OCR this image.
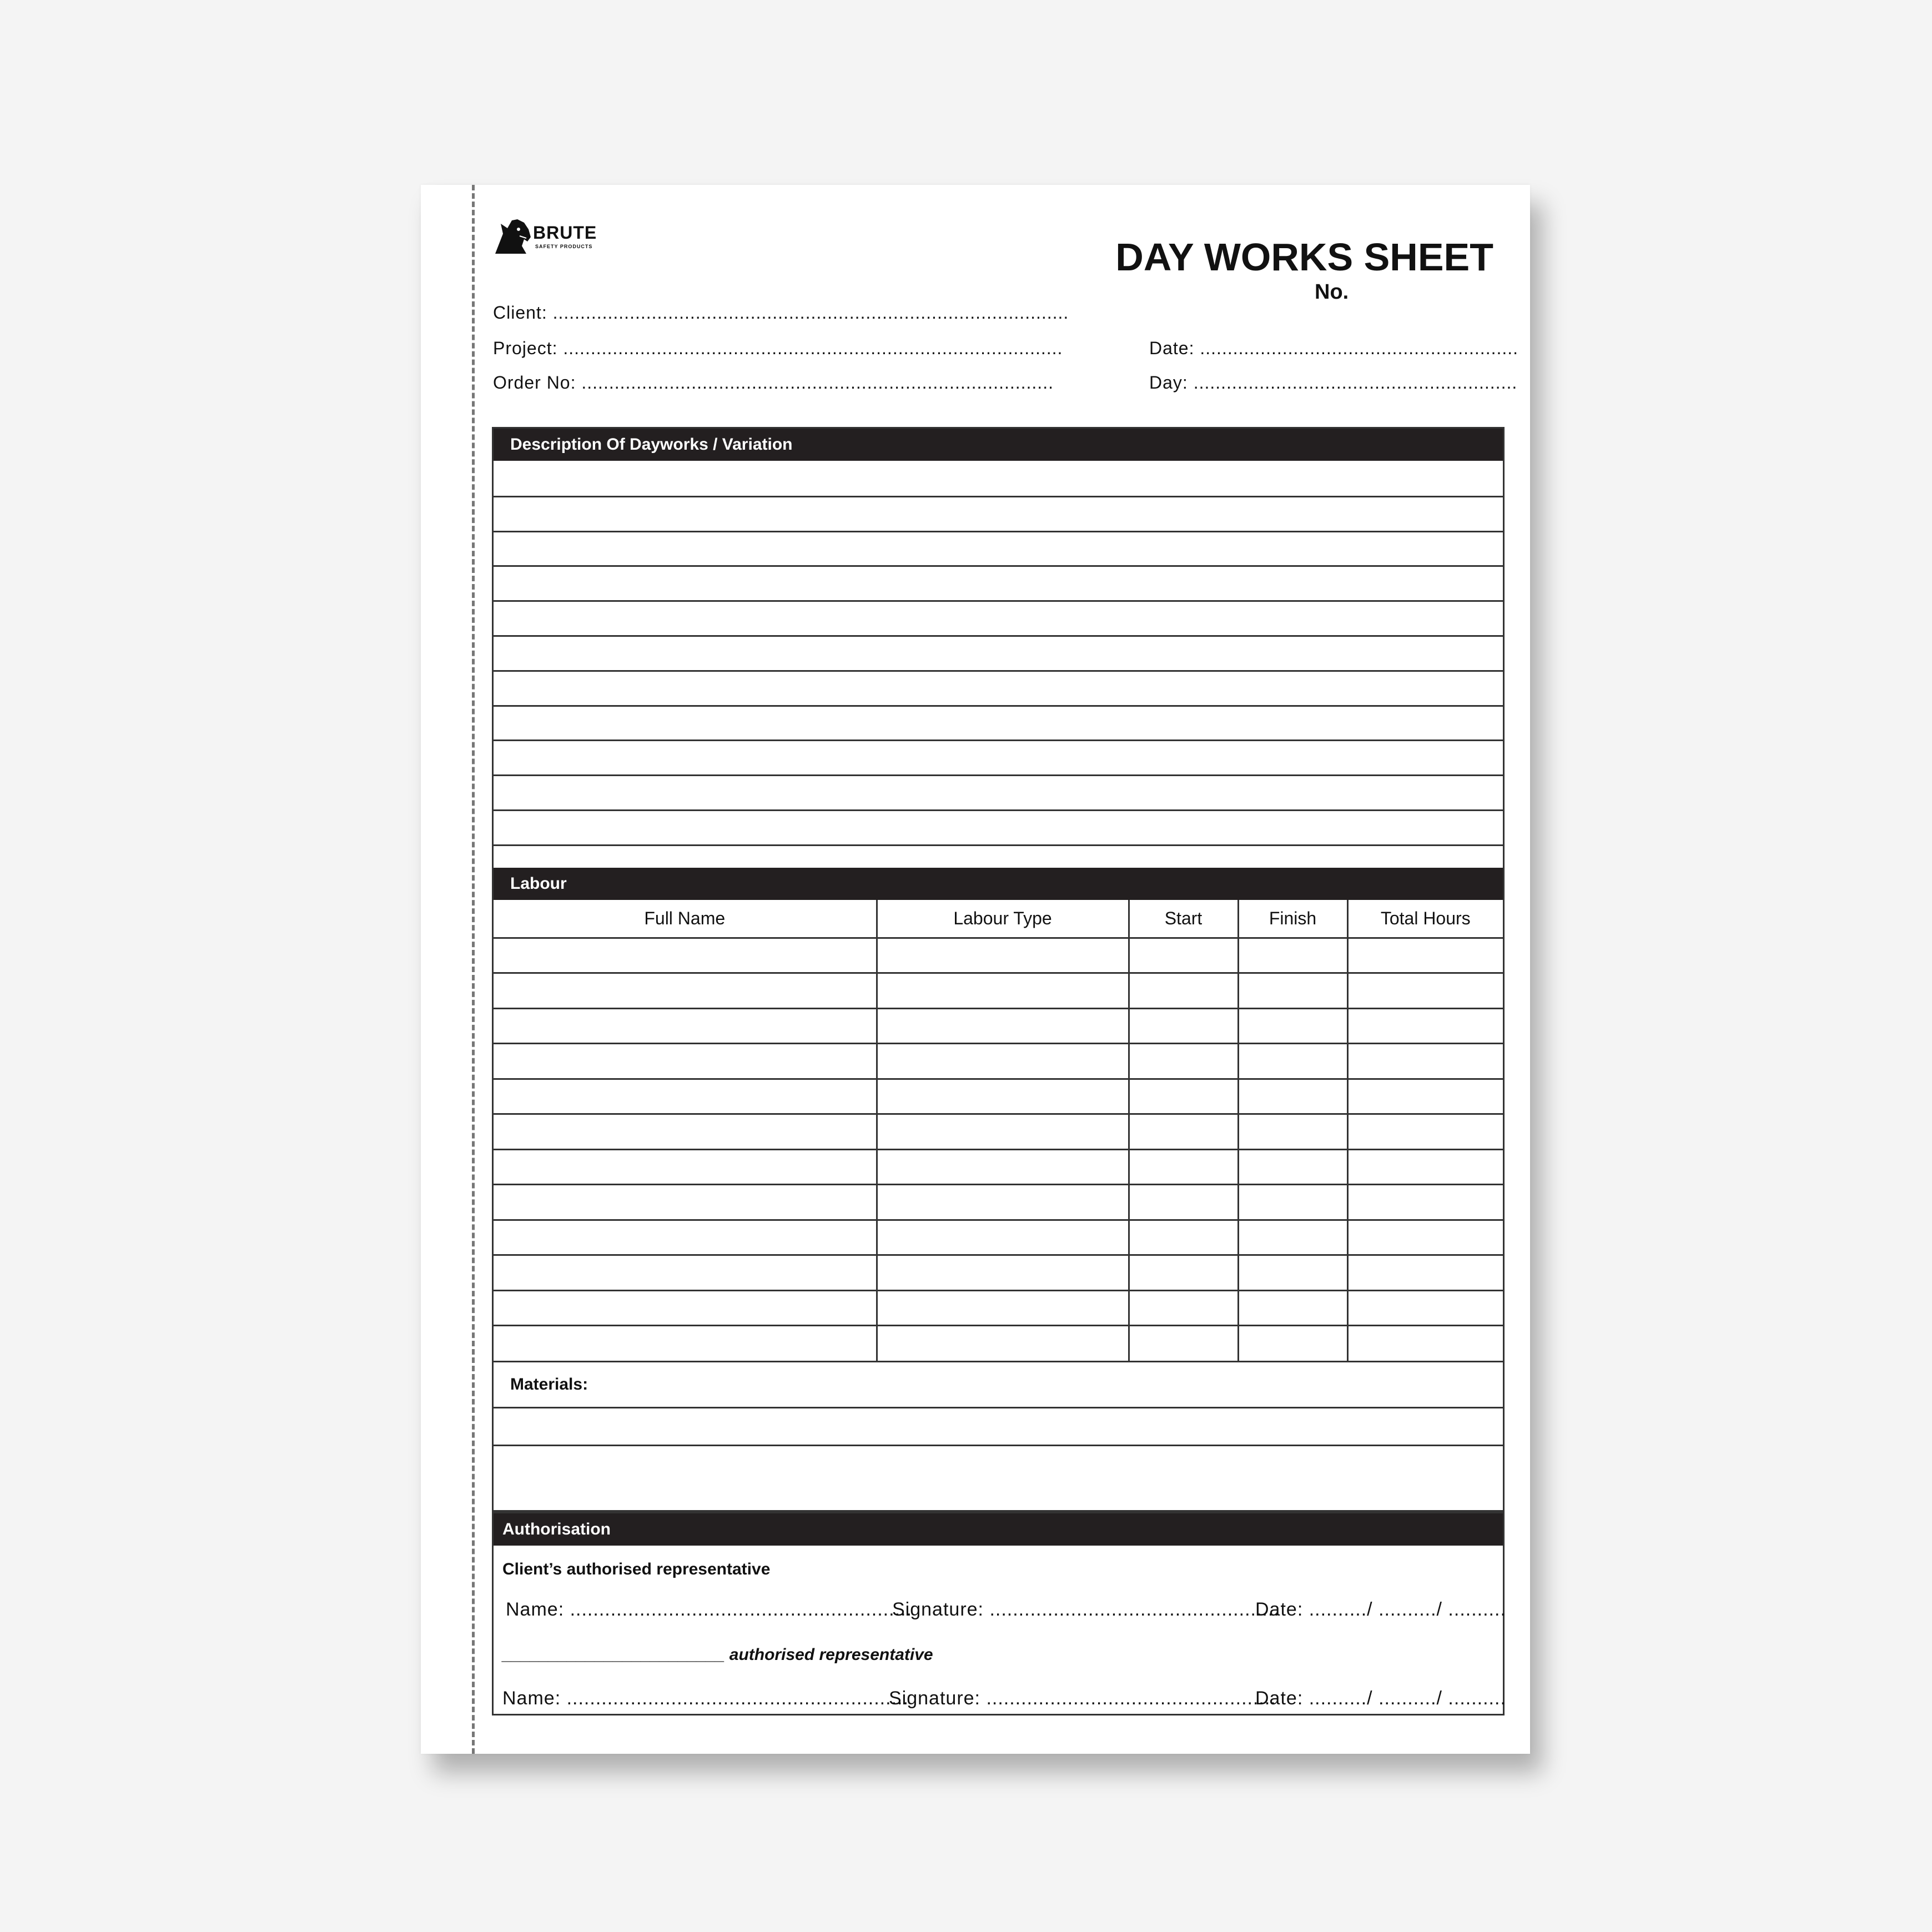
BRUTE
SAFETY PRODUCTS	DAY WORKS SHEET
No.
Client: ..............................................................................................
Project: ...........................................................................................
Order No: ......................................................................................
Date: ..........................................................
Day: ...........................................................
Description Of Dayworks / Variation
Labour
Full Name	Labour Type	Start	Finish	Total Hours

Materials:
Authorisation
Client’s authorised representative
Name: ...........................................................
Signature: ..................................................
Date: ........../ ........../ ..........
________________________ authorised representative
Name: ...........................................................
Signature: ..................................................
Date: ........../ ........../ ..........
